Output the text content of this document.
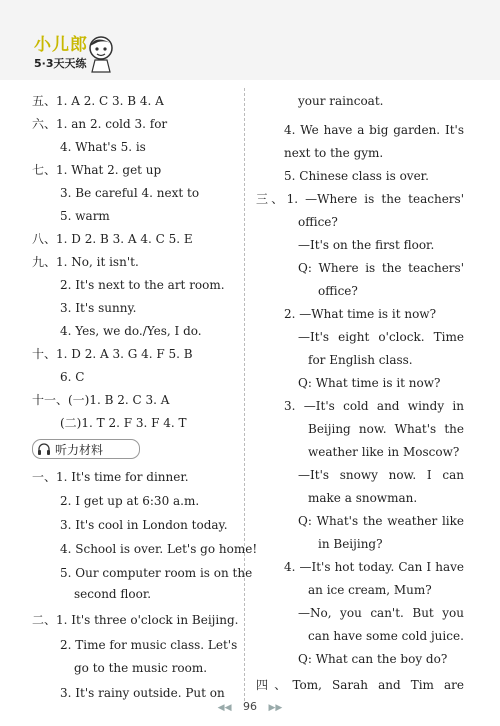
小儿郎
5·3天天练
五、1. A 2. C 3. B 4. A
六、1. an 2. cold 3. for
4. What's 5. is
七、1. What 2. get up
3. Be careful 4. next to
5. warm
八、1. D 2. B 3. A 4. C 5. E
九、1. No, it isn't.
2. It's next to the art room.
3. It's sunny.
4. Yes, we do./Yes, I do.
十、1. D 2. A 3. G 4. F 5. B
6. C
十一、(一)1. B 2. C 3. A
(二)1. T 2. F 3. F 4. T
听力材料
一、1. It's time for dinner.
2. I get up at 6:30 a.m.
3. It's cool in London today.
4. School is over. Let's go home!
5. Our computer room is on the
second floor.
二、1. It's three o'clock in Beijing.
2. Time for music class. Let's
go to the music room.
3. It's rainy outside. Put on
your raincoat.
4. We have a big garden. It's
next to the gym.
5. Chinese class is over.
三、1. —Where is the teachers'
office?
—It's on the first floor.
Q: Where is the teachers'
office?
2. —What time is it now?
—It's eight o'clock. Time
for English class.
Q: What time is it now?
3. —It's cold and windy in
Beijing now. What's the
weather like in Moscow?
—It's snowy now. I can
make a snowman.
Q: What's the weather like
in Beijing?
4. —It's hot today. Can I have
an ice cream, Mum?
—No, you can't. But you
can have some cold juice.
Q: What can the boy do?
四、Tom, Sarah and Tim are
◀◀ 96 ▶▶
